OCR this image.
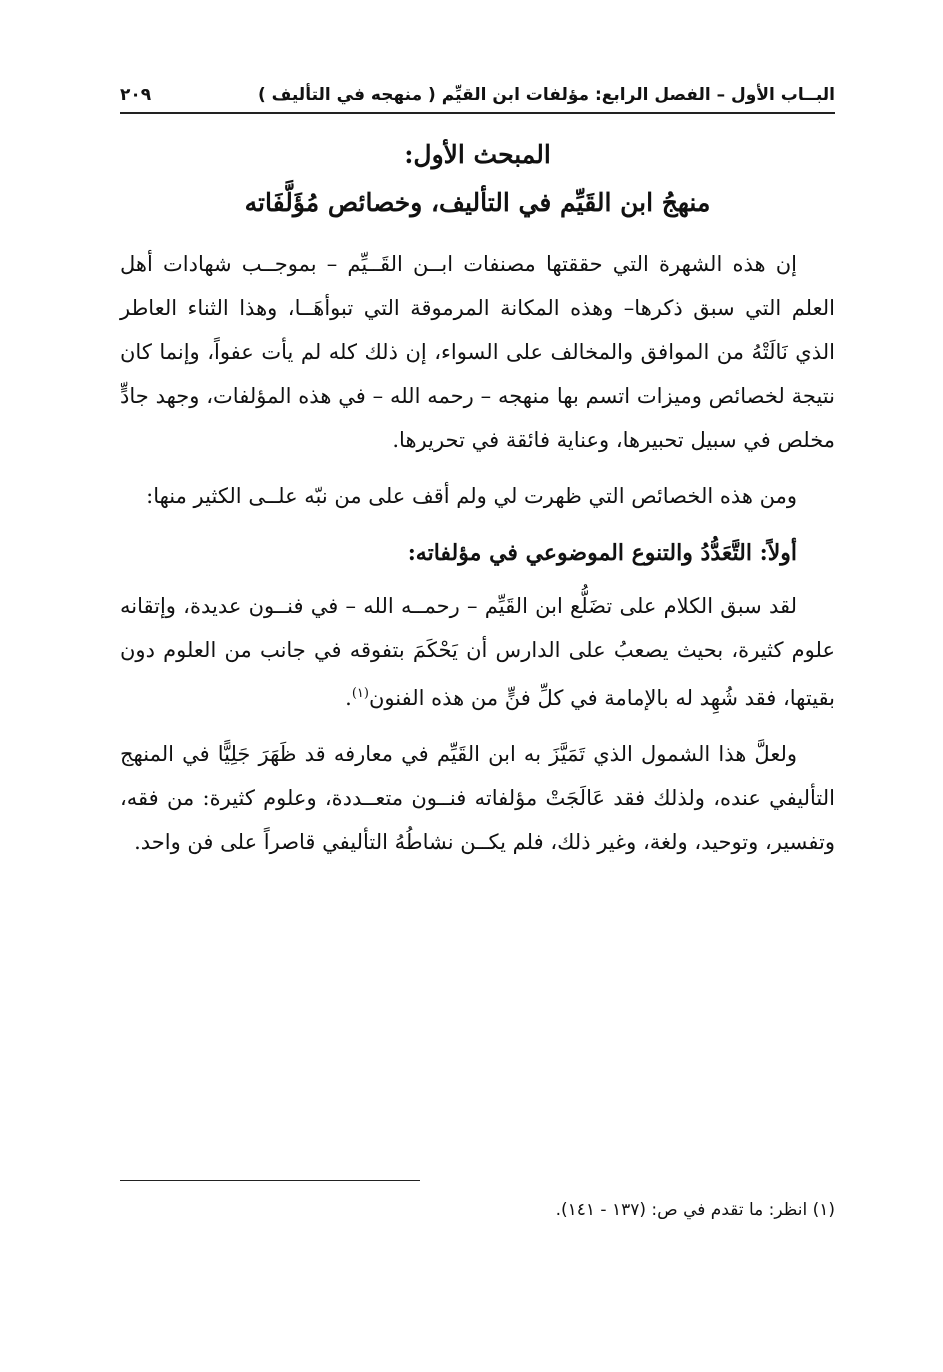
البــاب الأول – الفصل الرابع: مؤلفات ابن القيِّم ( منهجه في التأليف )
٢٠٩
المبحث الأول:
منهجُ ابن القَيِّم في التأليف، وخصائص مُؤَلَّفَاته

إن هذه الشهرة التي حققتها مصنفات ابــن القَــيِّم – بموجــب شهادات أهل العلم التي سبق ذكرها– وهذه المكانة المرموقة التي تبوأهَــا، وهذا الثناء العاطر الذي نَالَتْهُ من الموافق والمخالف على السواء، إن ذلك كله لم يأت عفواً، وإنما كان نتيجة لخصائص وميزات اتسم بها منهجه – رحمه الله – في هذه المؤلفات، وجهد جادٍّ مخلص في سبيل تحبيرها، وعناية فائقة في تحريرها.

ومن هذه الخصائص التي ظهرت لي ولم أقف على من نبّه علــى الكثير منها:

أولاً: التَّعَدُّدُ والتنوع الموضوعي في مؤلفاته:

لقد سبق الكلام على تضَلُّع ابن القَيِّم – رحمــه الله – في فنــون عديدة، وإتقانه علوم كثيرة، بحيث يصعبُ على الدارس أن يَحْكَمَ بتفوقه في جانب من العلوم دون بقيتها، فقد شُهِد له بالإمامة في كلِّ فنٍّ من هذه الفنون$^{(١)}$.

ولعلَّ هذا الشمول الذي تَمَيَّزَ به ابن القَيِّم في معارفه قد ظَهَرَ جَلِيًّا في المنهج التأليفي عنده، ولذلك فقد عَالَجَتْ مؤلفاته فنــون متعــددة، وعلوم كثيرة: من فقه، وتفسير، وتوحيد، ولغة، وغير ذلك، فلم يكــن نشاطُهُ التأليفي قاصراً على فن واحد.

(١) انظر: ما تقدم في ص: (١٣٧ - ١٤١).
